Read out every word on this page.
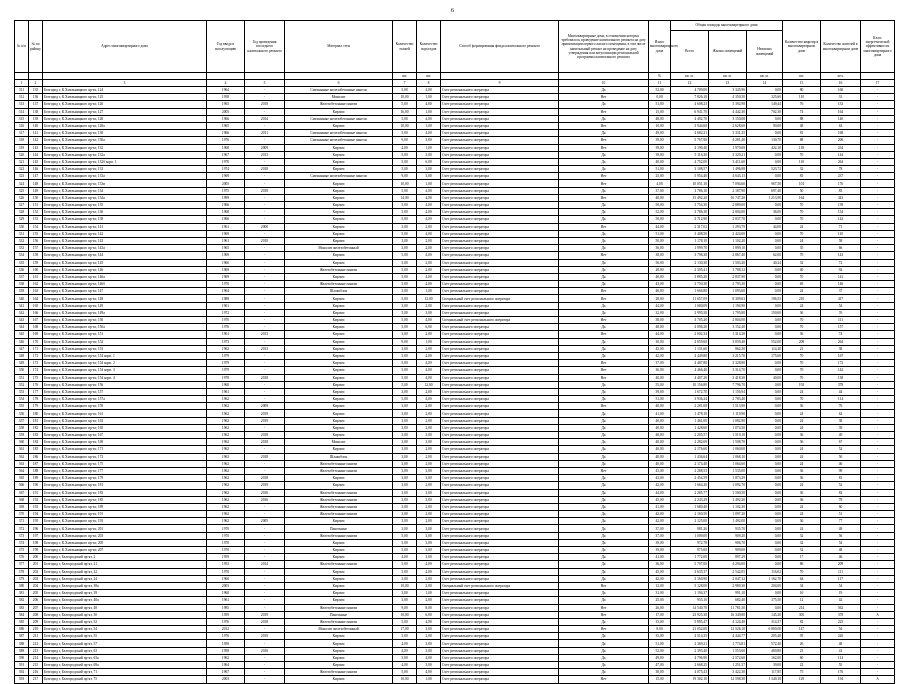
6
№ п/п	№ по району	Адрес многоквартирного дома	Год ввода в эксплуатацию	Год проведения последнего капитального ремонта	Материал стен	Количество этажей	Количество подъездов	Способ формирования фонда капитального ремонта	Многоквартирные дома, в отношении которых требовалось проведение капитального ремонта на дату приватизации первого жилого помещения, в том числе капитальный ремонт на проведение на дату утверждения или актуализации региональной программы капитального ремонта	Износ многоквартирного дома	Общая площадь многоквартирного дома			Количество квартир в многоквартирном доме	Количество жителей в многоквартирном доме	Класс энергетической эффективности многоквартирного дома
											Всего	Жилых помещений	Нежилых помещений			
						шт.	шт.			%	кв. м.	кв. м.	кв. м.	шт.	чел.	
1	2	3	4	5	6	7	8	9	10	11	12	13	14	15	16	17
311	135	Белгород г, К.Хмельницкого пр-кт, 124	1964	-	Смешанные железобетонные панели	5,00	4,00	Счет регионального оператора	Да	52,00	4 709,00	3 345,96	0,00	80	160	-
312	136	Белгород г, К.Хмельницкого пр-кт, 125	1958	-	Монолит	10,00	1,00	Счет регионального оператора	Нет	0,00	7 826,10	4 350,50	325,60	110	31	-
313	137	Белгород г, К.Хмельницкого пр-кт, 126	1965	2018	Железобетонные панели	5,00	4,00	Счет регионального оператора	Да	51,00	4 608,23	3 392,98	149,44	76	133	-
314	138	Белгород г, К.Хмельницкого пр-кт, 127	2005	-	Кирпич	16,00	1,00	Счет регионального оператора	Нет	15,00	6 941,70	4 442,30	702,30	74	164	-
315	139	Белгород г, К.Хмельницкого пр-кт, 128	1966	2014	Смешанные железобетонные панели	5,00	4,00	Счет регионального оператора	Да	48,00	4 492,70	3 150,08	0,00	88	140	-
316	140	Белгород г, К.Хмельницкого пр-кт, 128а	1965	-	Кирпич	10,00	1,00	Счет регионального оператора	Нет	10,00	3 944,60	2 628,60	90,00	48	63	-
317	141	Белгород г, К.Хмельницкого пр-кт, 130	1966	2011	Смешанные железобетонные панели	5,00	4,00	Счет регионального оператора	Да	49,00	4 682,21	3 331,25	0,00	81	168	-
318	142	Белгород г, К.Хмельницкого пр-кт, 130а	1976	-	Смешанные железобетонные панели	9,00	3,00	Счет регионального оператора	Нет	39,00	5 767,90	4 281,40	130,70	88	206	-
319	143	Белгород г, К.Хмельницкого пр-кт, 132	1968	2009	Кирпич	4,00	1,00	Счет регионального оператора	Нет	39,00	4 190,40	1 970,08	422,10	118	234	-
320	144	Белгород г, К.Хмельницкого пр-кт, 132а	1967	2013	Кирпич	5,00	3,00	Счет регионального оператора	Да	39,00	5 116,30	3 320,21	0,00	70	144	-
321	145	Белгород г, К.Хмельницкого пр-кт, 132б корп. 1	1970	-	Кирпич	5,00	6,00	Счет регионального оператора	Да	40,00	4 752,00	3 411,60	0,00	110	264	-
322	146	Белгород г, К.Хмельницкого пр-кт, 133	1974	2018	Кирпич	5,00	3,00	Счет регионального оператора	Да	51,00	3 108,57	1 496,88	523,72	32	78	-
323	147	Белгород г, К.Хмельницкого пр-кт, 133а	1969	-	Смешанные железобетонные панели	9,00	3,00	Счет регионального оператора	Нет	25,00	5 954,40	4 643,13	0,00	83	237	-
324	148	Белгород г, К.Хмельницкого пр-кт, 133в	2005	-	Кирпич	10,00	1,00	Счет регионального оператора	Нет	4,00	10 051,10	7 094,60	967,50	101	176	-
325	149	Белгород г, К.Хмельницкого пр-кт, 134	1975	2018	Кирпич	5,00	4,00	Счет регионального оператора	Да	37,00	3 786,10	2 187,90	697,40	50	83	-
326	150	Белгород г, К.Хмельницкого пр-кт, 134а	1999	-	Кирпич	14,00	4,00	Счет регионального оператора	Нет	48,00	15 492,20	10 747,20	1 213,90	164	343	-
327	151	Белгород г, К.Хмельницкого пр-кт, 135	1966	-	Кирпич	5,00	4,00	Счет регионального оператора	Да	50,00	3 754,30	2 889,00	0,00	70	139	-
328	152	Белгород г, К.Хмельницкого пр-кт, 136	1968	-	Кирпич	5,00	4,00	Счет регионального оператора	Да	52,00	3 786,30	2 804,00	36,00	70	154	-
329	153	Белгород г, К.Хмельницкого пр-кт, 138	1966	-	Кирпич	5,00	4,00	Счет регионального оператора	Да	50,00	3 712,90	2 837,70	0,00	70	142	-
330	154	Белгород г, К.Хмельницкого пр-кт, 141	1961	2000	Кирпич	3,00	2,00	Счет регионального оператора	Нет	44,00	2 317,02	1 293,79	44,00	24	71	-
331	155	Белгород г, К.Хмельницкого пр-кт, 142	1969	-	Кирпич	5,00	4,00	Счет регионального оператора	Да	51,00	3 408,50	2 424,00	0,00	70	110	-
332	156	Белгород г, К.Хмельницкого пр-кт, 143	1961	2010	Кирпич	3,00	2,00	Счет регионального оператора	Да	50,00	1 178,10	1 102,20	0,00	24	58	-
333	157	Белгород г, К.Хмельницкого пр-кт, 143а	1965	-	Монолит железобетонный	3,00	2,00	Счет регионального оператора	Да	36,00	1 999,70	1 899,10	0,00	35	66	-
334	158	Белгород г, К.Хмельницкого пр-кт, 144	1969	-	Кирпич	5,00	4,00	Счет регионального оператора	Нет	38,00	3 796,30	2 867,40	62,00	70	143	-
335	159	Белгород г, К.Хмельницкого пр-кт, 145	1960	-	Кирпич	3,00	2,00	Счет регионального оператора	Да	56,00	2 130,30	1 503,20	40,24	32	72	-
336	160	Белгород г, К.Хмельницкого пр-кт, 146	1969	-	Железобетонные панели	5,00	2,00	Счет регионального оператора	Да	28,00	2 305,41	1 788,12	0,00	40	92	-
337	161	Белгород г, К.Хмельницкого пр-кт, 146а	1969	-	Кирпич	5,00	4,00	Счет регионального оператора	Да	40,00	3 885,20	2 837,90	0,00	70	141	-
338	162	Белгород г, К.Хмельницкого пр-кт, 146б	1970	-	Железобетонные панели	5,00	4,00	Счет регионального оператора	Да	43,00	3 750,30	2 793,30	0,00	69	146	-
339	163	Белгород г, К.Хмельницкого пр-кт, 147	1964	-	Шлакоблок	3,00	1,00	Счет регионального оператора	Нет	46,00	1 666,80	1 093,60	0,00	24	37	-
340	164	Белгород г, К.Хмельницкого пр-кт, 148	1988	-	Кирпич	5,00	12,00	Специальный счет регионального оператора	Нет	28,00	11 657,09	8 309,63	196,55	210	417	-
341	165	Белгород г, К.Хмельницкого пр-кт, 149	1961	-	Кирпич	3,00	2,00	Счет регионального оператора	Да	44,00	1 680,09	1 194,90	0,00	24	54	-
342	166	Белгород г, К.Хмельницкого пр-кт, 149а	1972	-	Кирпич	5,00	3,00	Счет регионального оператора	Да	32,00	2 995,50	1 795,80	150,00	36	76	-
343	167	Белгород г, К.Хмельницкого пр-кт, 150	1970	-	Кирпич	5,00	4,00	Специальный счет регионального оператора	Нет	38,00	3 705,20	2 804,00	0,00	70	111	-
344	168	Белгород г, К.Хмельницкого пр-кт, 150а	1976	-	Кирпич	5,00	6,00	Счет регионального оператора	Да	48,00	4 096,20	3 152,40	0,00	70	157	-
345	169	Белгород г, К.Хмельницкого пр-кт, 151	1961	2013	Кирпич	3,00	2,00	Счет регионального оператора	Нет	44,00	2 002,34	1 314,20	0,00	36	74	-
346	170	Белгород г, К.Хмельницкого пр-кт, 152	1973	-	Кирпич	9,00	1,00	Счет регионального оператора	Да	30,00	4 059,60	3 059,40	552,00	209	264	-
347	171	Белгород г, К.Хмельницкого пр-кт, 153	1962	2013	Кирпич	3,00	2,00	Счет регионального оператора	Да	45,00	1 131,60	862,30	114,20	21	38	-
348	172	Белгород г, К.Хмельницкого пр-кт, 154 корп. 1	1979	-	Кирпич	5,00	4,00	Счет регионального оператора	Да	42,00	4 449,80	3 215,70	175,60	70	167	-
349	173	Белгород г, К.Хмельницкого пр-кт, 154 корп. 2	1979	-	Кирпич	5,00	4,00	Счет регионального оператора	Нет	37,00	4 487,80	3 328,80	0,00	70	172	-
350	174	Белгород г, К.Хмельницкого пр-кт, 154 корп. 3	1979	-	Кирпич	5,00	4,00	Счет регионального оператора	Нет	36,00	4 466,40	3 314,70	0,00	70	142	-
351	175	Белгород г, К.Хмельницкого пр-кт, 154 корп. 4	1978	2018	Кирпич	5,00	4,00	Счет регионального оператора	Нет	40,00	4 407,20	3 418,30	40,00	70	138	-
352	176	Белгород г, К.Хмельницкого пр-кт, 156	1960	-	Кирпич	5,00	12,00	Счет регионального оператора	Да	55,00	10 156,80	7 796,70	0,00	192	378	-
353	177	Белгород г, К.Хмельницкого пр-кт, 157	1961	-	Кирпич	3,00	2,00	Счет регионального оператора	Да	39,00	1 672,70	1 156,94	0,00	24	44	-
354	178	Белгород г, К.Хмельницкого пр-кт, 157а	1962	-	Кирпич	5,00	4,00	Счет регионального оператора	Да	51,00	3 936,24	2 783,40	0,00	70	114	-
355	179	Белгород г, К.Хмельницкого пр-кт, 159	1962	2009	Кирпич	3,00	2,00	Счет регионального оператора	Нет	48,00	2 281,08	1 513,90	0,00	36	76	-
356	180	Белгород г, К.Хмельницкого пр-кт, 161	1962	2019	Кирпич	3,00	2,00	Счет регионального оператора	Да	41,00	1 478,10	1 119,90	0,00	24	62	-
357	181	Белгород г, К.Хмельницкого пр-кт, 163	1962	2019	Кирпич	3,00	2,00	Счет регионального оператора	Да	40,00	1 461,00	1 082,90	0,00	24	38	-
358	182	Белгород г, К.Хмельницкого пр-кт, 165	1962	-	Кирпич	3,00	2,00	Счет регионального оператора	Да	40,00	1 428,60	1 074,50	0,00	24	39	-
359	183	Белгород г, К.Хмельницкого пр-кт, 167	1962	2018	Кирпич	3,00	3,00	Счет регионального оператора	Да	40,00	2 205,57	1 519,10	0,00	36	49	-
360	184	Белгород г, К.Хмельницкого пр-кт, 169	1962	2018	Монолит	3,00	3,00	Счет регионального оператора	Да	40,00	2 282,69	1 508,70	0,00	36	67	-
361	185	Белгород г, К.Хмельницкого пр-кт, 171	1962	-	Кирпич	3,00	2,00	Счет регионального оператора	Да	40,00	2 176,60	1 060,00	0,00	24	52	-
362	186	Белгород г, К.Хмельницкого пр-кт, 173	1962	2018	Шлакоблок	3,00	2,00	Счет регионального оператора	Да	40,00	1 436,64	1 068,10	0,00	24	50	-
363	187	Белгород г, К.Хмельницкого пр-кт, 175	1962	-	Железобетонные панели	3,00	2,00	Счет регионального оператора	Да	40,00	2 174,40	1 064,60	0,00	24	46	-
364	188	Белгород г, К.Хмельницкого пр-кт, 177	1962	-	Железобетонные панели	3,00	3,00	Счет регионального оператора	Нет	45,00	2 288,53	1 535,00	0,00	36	99	-
365	189	Белгород г, К.Хмельницкого пр-кт, 179	1962	2018	Кирпич	3,00	3,00	Счет регионального оператора	Да	43,00	2 454,59	1 873,29	0,00	36	81	-
366	190	Белгород г, К.Хмельницкого пр-кт, 181	1962	2019	Кирпич	3,00	2,00	Счет регионального оператора	Да	42,00	1 664,20	1 092,70	0,00	24	52	-
367	191	Белгород г, К.Хмельницкого пр-кт, 183	1962	2016	Железобетонные панели	3,00	3,00	Счет регионального оператора	Да	44,00	2 285,77	1 500,50	0,00	36	82	-
368	192	Белгород г, К.Хмельницкого пр-кт, 185	1962	2016	Железобетонные панели	3,00	3,00	Счет регионального оператора	Да	45,00	2 243,29	1 492,20	0,00	36	78	-
369	193	Белгород г, К.Хмельницкого пр-кт, 189	1962	-	Железобетонные панели	3,00	2,00	Счет регионального оператора	Да	41,00	1 680,40	1 102,30	0,00	24	60	-
370	194	Белгород г, К.Хмельницкого пр-кт, 191	1962	-	Железобетонные панели	3,00	2,00	Счет регионального оператора	Да	42,00	2 160,50	1 097,20	0,00	24	51	-
371	195	Белгород г, К.Хмельницкого пр-кт, 193	1962	2005	Кирпич	3,00	2,00	Счет регионального оператора	Да	42,00	2 125,00	1 492,00	0,00	36	77	-
372	196	Белгород г, К.Хмельницкого пр-кт, 201	1970	-	Панельные	3,00	3,00	Счет регионального оператора	Да	37,00	981,26	935,70	0,00	24	48	-
373	197	Белгород г, К.Хмельницкого пр-кт, 203	1970	-	Железобетонные панели	5,00	3,00	Счет регионального оператора	Да	37,00	1 009,00	909,20	0,00	32	56	-
374	198	Белгород г, К.Хмельницкого пр-кт, 205	1970	-	Кирпич	5,00	3,00	Счет регионального оператора	Да	39,00	972,78	906,70	0,00	32	54	-
375	199	Белгород г, К.Хмельницкого пр-кт, 207	1970	-	Кирпич	5,00	3,00	Счет регионального оператора	Да	39,00	975,00	909,00	0,00	32	48	-
376	200	Белгород г, Белгородский пр-кт, 2	1959	-	Кирпич	4,00	3,00	Счет регионального оператора	Да	41,00	1 772,00	897,29	0,00	17	46	-
377	201	Белгород г, Белгородский пр-кт, 21	1953	2014	Железобетонные панели	5,00	4,00	Счет регионального оператора	Да	36,00	5 707,00	4 294,00	0,00	86	209	-
378	202	Белгород г, Белгородский пр-кт, 22	1970	-	Кирпич	5,00	4,00	Счет регионального оператора	Да	45,00	3 635,37	2 542,05	116,02	70	111	-
379	203	Белгород г, Белгородский пр-кт, 24	1960	-	Кирпич	3,00	2,00	Счет регионального оператора	Да	42,00	3 160,90	2 047,32	1 162,70	64	117	-
380	204	Белгород г, Белгородский пр-кт, 38а	2003	-	Кирпич	10,00	2,00	Специальный счет регионального оператора	Нет	12,00	5 128,00	2 980,30	204,00	34	54	-
381	205	Белгород г, Белгородский пр-кт, 39	1960	-	Кирпич	3,00	1,00	Счет регионального оператора	Да	31,00	1 194,37	991,10	0,00	16	19	-
382	206	Белгород г, Белгородский пр-кт, 40а	1961	-	Кирпич	3,00	2,00	Счет регионального оператора	Да	25,00	953,10	682,40	375,50	12	42	-
383	207	Белгород г, Белгородский пр-кт, 48	1985	-	Железобетонные панели	9,00	8,00	Счет регионального оператора	Нет	26,00	14 540,70	11 781,30	0,00	214	562	-
384	208	Белгород г, Белгородский пр-кт, 50	1959	2019	Панельные	10,00	6,00	Счет регионального оператора	Нет	17,00	23 925,30	16 349,80	145,20	305	378	А
385	209	Белгород г, Белгородский пр-кт, 52	1976	2018	Железобетонные панели	5,00	4,00	Счет регионального оператора	Да	35,00	5 895,47	4 124,40	314,37	82	225	-
386	210	Белгород г, Белгородский пр-кт, 54	2012	-	Монолит железобетонный	17,00	3,00	Счет регионального оператора	Нет	8,00	21 052,00	12 526,10	6 800,00	147	54	-
387	211	Белгород г, Белгородский пр-кт, 55	1976	2019	Кирпич	5,00	2,00	Счет регионального оператора	Да	35,00	4 514,35	4 444,77	205,40	95	226	-
388	212	Белгород г, Белгородский пр-кт, 57	1958	-	Кирпич	4,00	3,00	Счет регионального оператора	Да	51,00	2 369,21	1 774,81	572,40	26	48	-
389	213	Белгород г, Белгородский пр-кт, 63	1958	2016	Кирпич	4,00	3,00	Счет регионального оператора	Да	52,00	2 393,40	1 553,60	469,80	23	41	-
390	214	Белгород г, Белгородский пр-кт, 63а	1962	-	Кирпич	5,00	4,00	Счет регионального оператора	Да	49,00	4 796,90	2 572,60	162,00	60	114	-
391	215	Белгород г, Белгородский пр-кт, 69а	1964	-	Кирпич	4,00	3,00	Счет регионального оператора	Да	47,00	2 668,25	1 251,57	39,00	22	55	-
392	216	Белгород г, Белгородский пр-кт, 71	1967	-	Железобетонные панели	5,00	4,00	Счет регионального оператора	Да	38,00	4 075,43	3 422,30	117,85	75	176	-
393	217	Белгород г, Белгородский пр-кт, 75	2003	-	Кирпич	10,00	1,00	Счет регионального оператора	Нет	15,00	19 302,10	12 598,30	1 340,18	129	194	А
